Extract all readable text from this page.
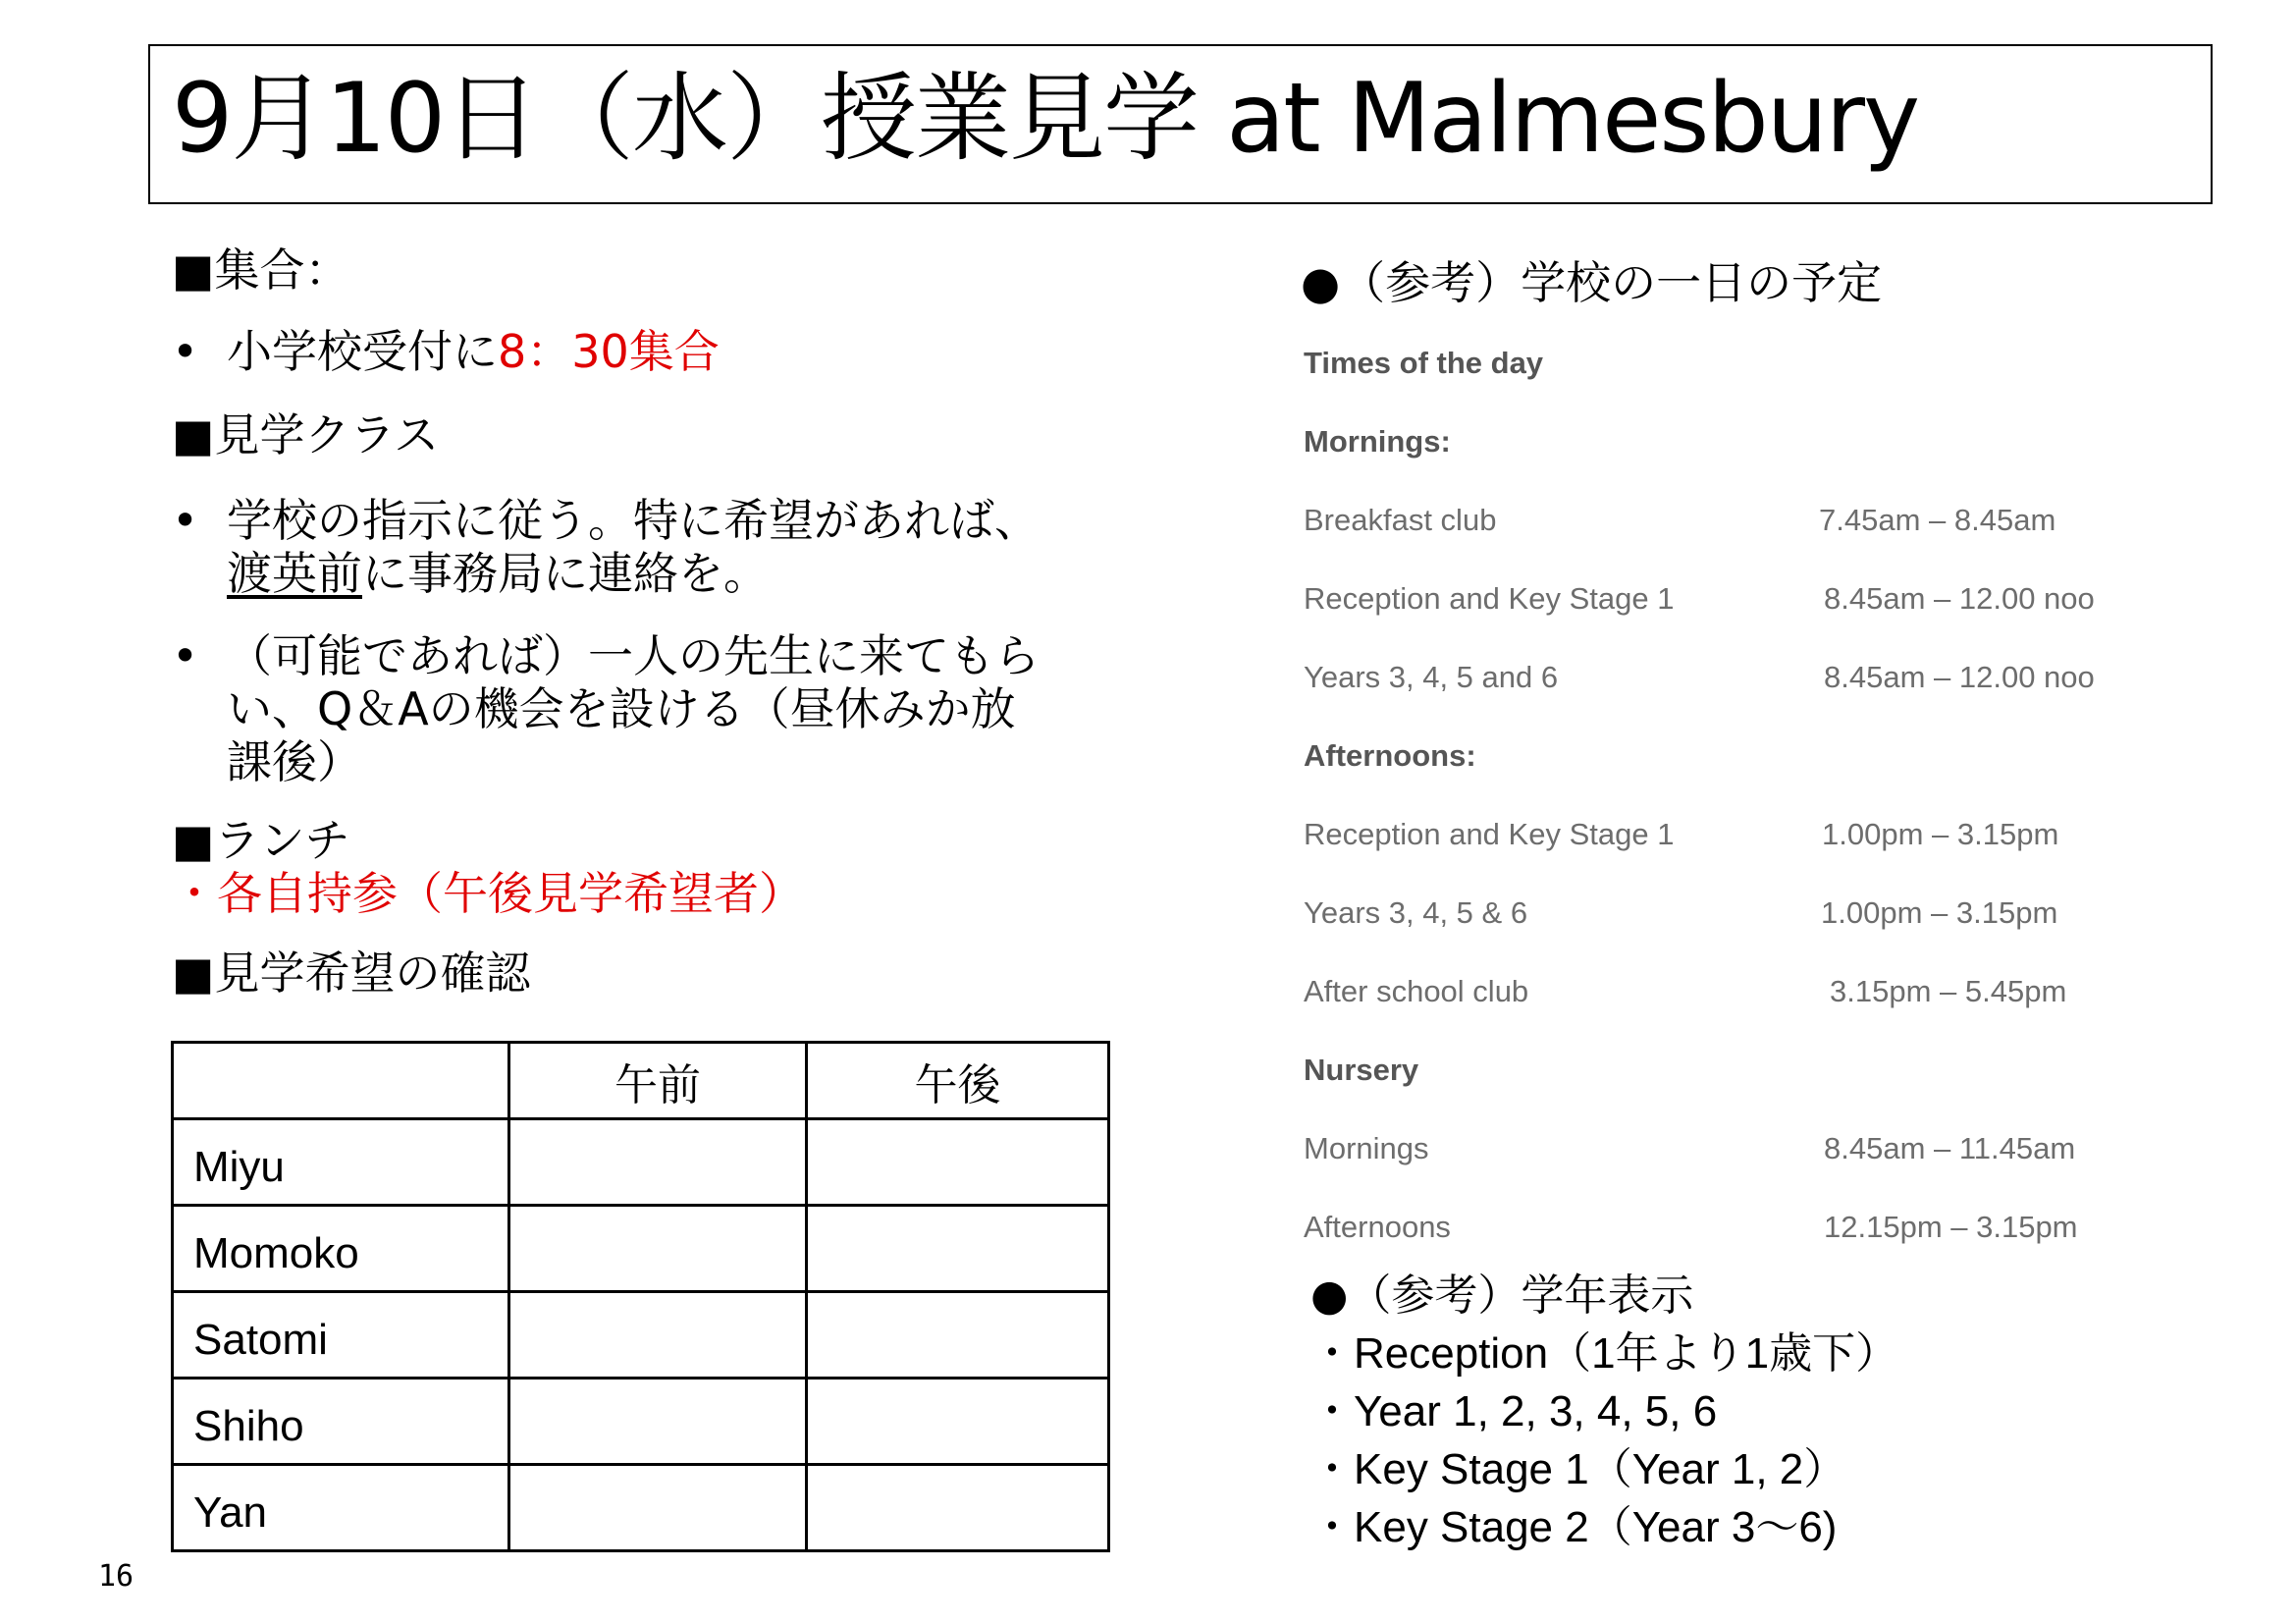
9月10日（水）授業見学 at Malmesbury
■集合：
• 小学校受付に8：30集合
■見学クラス
• 学校の指示に従う。特に希望があれば、
渡英前に事務局に連絡を。
• （可能であれば）一人の先生に来てもらい、Q＆Aの機会を設ける（昼休みか放課後）
■ランチ
・各自持参（午後見学希望者）
■見学希望の確認
	午前	午後
Miyu		
Momoko		
Satomi		
Shiho		
Yan		
16
●（参考）学校の一日の予定
Times of the day
Mornings:
Breakfast club	7.45am – 8.45am
Reception and Key Stage 1	8.45am – 12.00 noo
Years 3, 4, 5 and 6	8.45am – 12.00 noo
Afternoons:
Reception and Key Stage 1	1.00pm – 3.15pm
Years 3, 4, 5 & 6	1.00pm – 3.15pm
After school club	3.15pm – 5.45pm
Nursery
Mornings	8.45am – 11.45am
Afternoons	12.15pm – 3.15pm
●（参考）学年表示
・Reception（1年より1歳下）
・Year 1, 2, 3, 4, 5, 6
・Key Stage 1（Year 1, 2）
・Key Stage 2（Year 3〜6)
